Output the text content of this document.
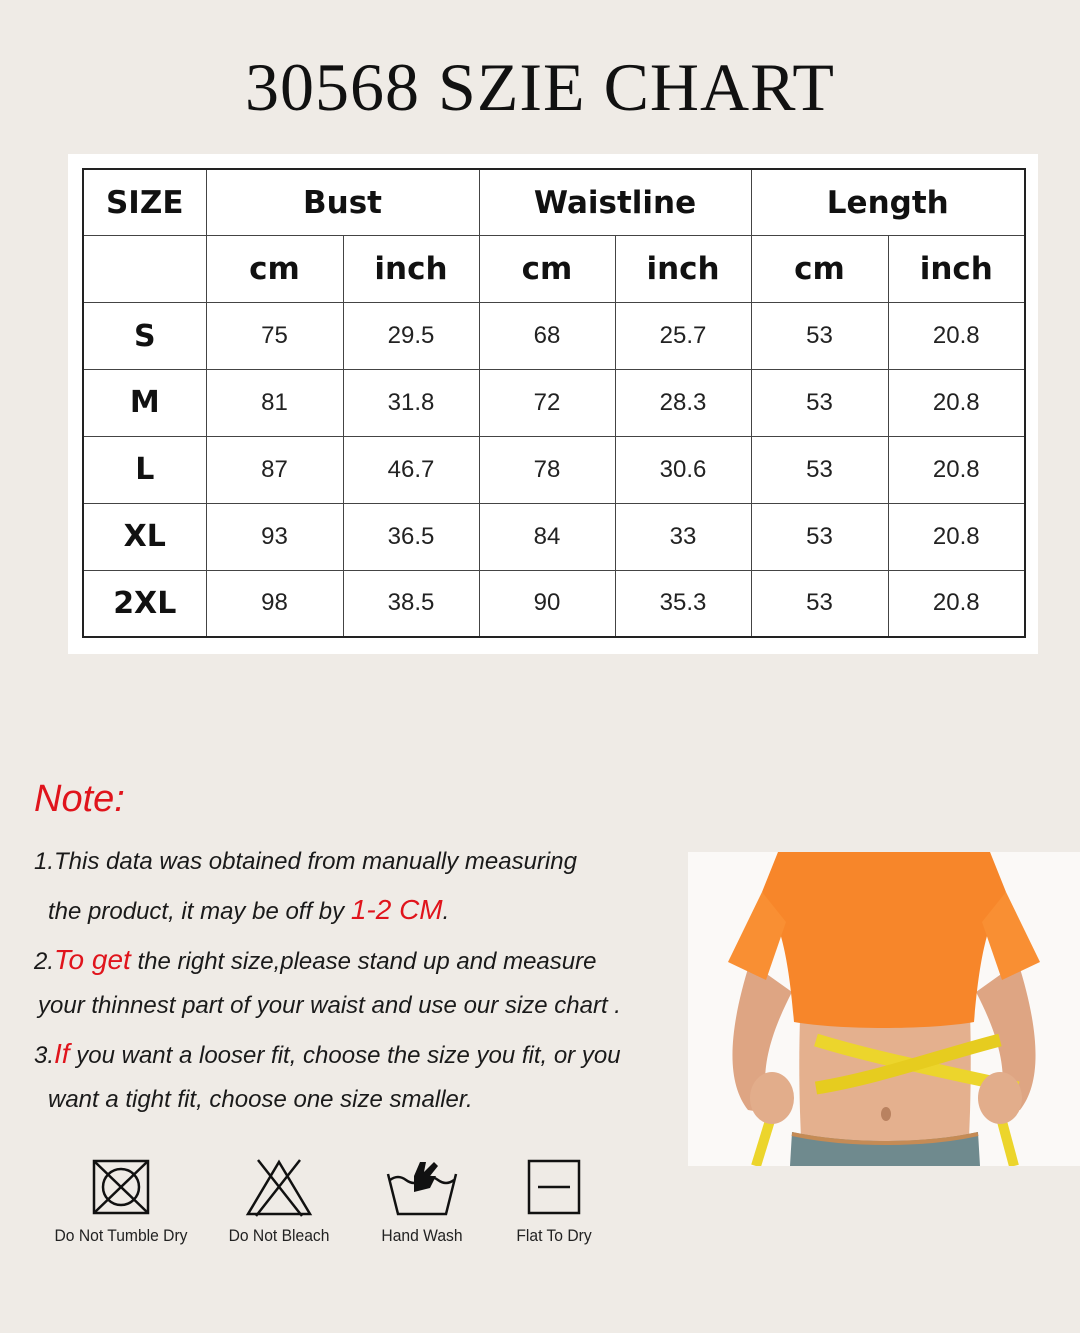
30568 SZIE CHART
SIZE	Bust		Waistline		Length	
	cm	inch	cm	inch	cm	inch
S	75	29.5	68	25.7	53	20.8
M	81	31.8	72	28.3	53	20.8
L	87	46.7	78	30.6	53	20.8
XL	93	36.5	84	33	53	20.8
2XL	98	38.5	90	35.3	53	20.8
Note:
1.This data was obtained from manually measuring
the product, it may be off by 1-2 CM.
2.To get the right size,please stand up and measure
your thinnest part of your waist and use our size chart .
3.If you want a looser fit, choose the size you fit, or you
want a tight fit, choose one size smaller.
Do Not Tumble Dry	Do Not Bleach	Hand Wash	Flat To Dry
